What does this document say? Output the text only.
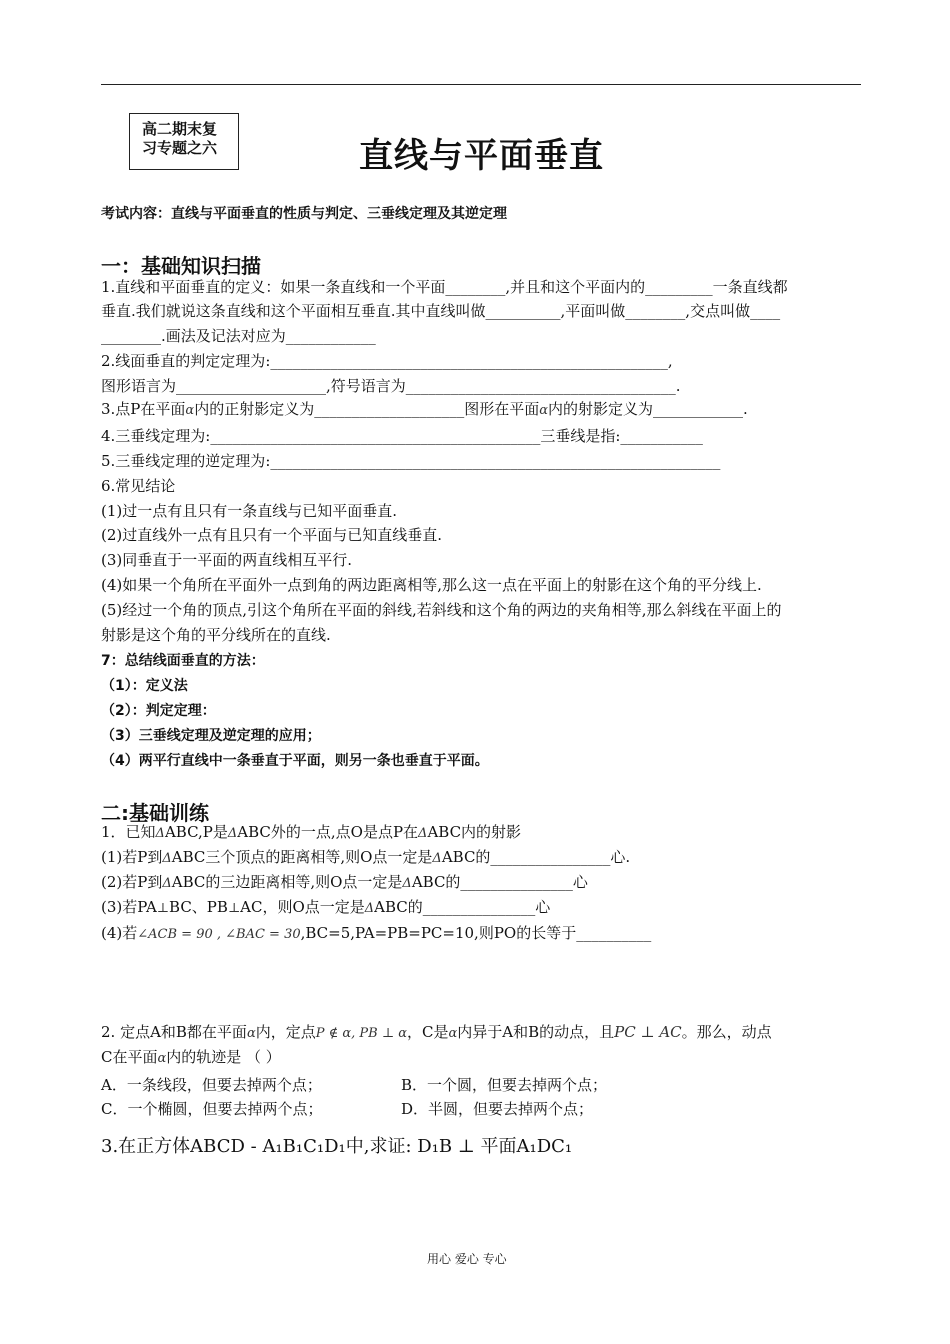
高二期末复
习专题之六	直线与平面垂直
考试内容：直线与平面垂直的性质与判定、三垂线定理及其逆定理
一：基础知识扫描
1.直线和平面垂直的定义：如果一条直线和一个平面________,并且和这个平面内的_________一条直线都
垂直.我们就说这条直线和这个平面相互垂直.其中直线叫做__________,平面叫做________,交点叫做____
________.画法及记法对应为____________
2.线面垂直的判定定理为:_____________________________________________________,
图形语言为____________________,符号语言为____________________________________.
3.点P在平面α内的正射影定义为____________________图形在平面α内的射影定义为____________.
4.三垂线定理为:____________________________________________三垂线是指:___________
5.三垂线定理的逆定理为:____________________________________________________________
6.常见结论
(1)过一点有且只有一条直线与已知平面垂直.
(2)过直线外一点有且只有一个平面与已知直线垂直.
(3)同垂直于一平面的两直线相互平行.
(4)如果一个角所在平面外一点到角的两边距离相等,那么这一点在平面上的射影在这个角的平分线上.
(5)经过一个角的顶点,引这个角所在平面的斜线,若斜线和这个角的两边的夹角相等,那么斜线在平面上的
射影是这个角的平分线所在的直线.
7：总结线面垂直的方法：
（1）：定义法
（2）：判定定理：
（3）三垂线定理及逆定理的应用；
（4）两平行直线中一条垂直于平面，则另一条也垂直于平面。
二:基础训练
1．已知ΔABC,P是ΔABC外的一点,点O是点P在ΔABC内的射影
(1)若P到ΔABC三个顶点的距离相等,则O点一定是ΔABC的________________心.
(2)若P到ΔABC的三边距离相等,则O点一定是ΔABC的_______________心
(3)若PA⊥BC、PB⊥AC，则O点一定是ΔABC的_______________心
(4)若∠ACB = 90 , ∠BAC = 30,BC=5,PA=PB=PC=10,则PO的长等于__________
2. 定点A和B都在平面α内，定点P ∉ α, PB ⊥ α，C是α内异于A和B的动点，且PC ⊥ AC。那么，动点
C在平面α内的轨迹是 （ ）
A．一条线段，但要去掉两个点；	B．一个圆，但要去掉两个点；
C．一个椭圆，但要去掉两个点；	D．半圆，但要去掉两个点；
3.在正方体ABCD - A₁B₁C₁D₁中,求证: D₁B ⊥ 平面A₁DC₁
用心 爱心 专心
